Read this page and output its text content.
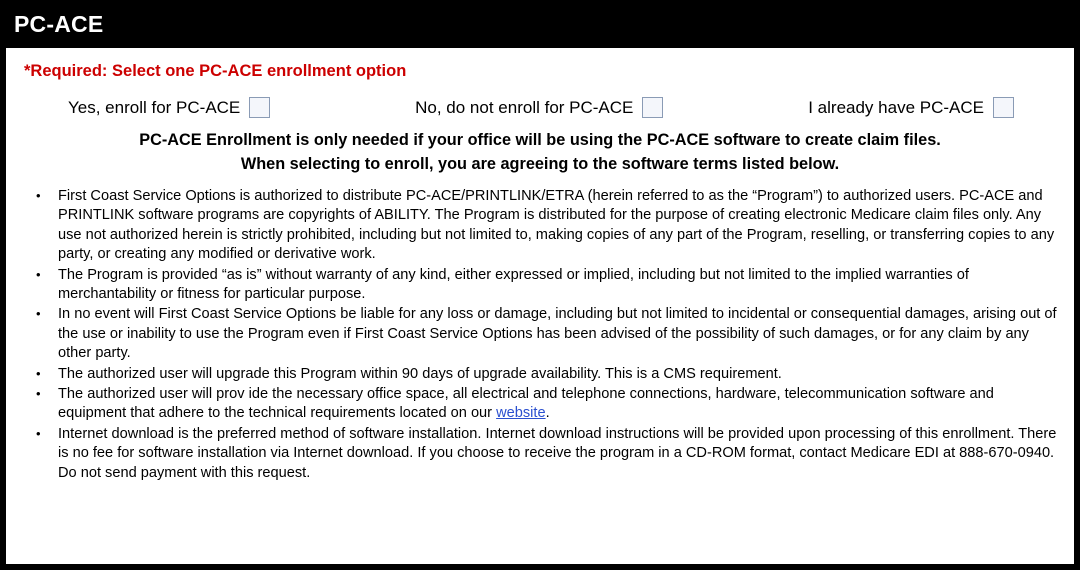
PC-ACE
*Required: Select one PC-ACE enrollment option
Yes, enroll for PC-ACE	No, do not enroll for PC-ACE	I already have PC-ACE
PC-ACE Enrollment is only needed if your office will be using the PC-ACE software to create claim files.
When selecting to enroll, you are agreeing to the software terms listed below.
• First Coast Service Options is authorized to distribute PC-ACE/PRINTLINK/ETRA (herein referred to as the “Program”) to authorized users. PC-ACE and PRINTLINK software programs are copyrights of ABILITY. The Program is distributed for the purpose of creating electronic Medicare claim files only. Any use not authorized herein is strictly prohibited, including but not limited to, making copies of any part of the Program, reselling, or transferring copies to any party, or creating any modified or derivative work.
• The Program is provided “as is” without warranty of any kind, either expressed or implied, including but not limited to the implied warranties of merchantability or fitness for particular purpose.
• In no event will First Coast Service Options be liable for any loss or damage, including but not limited to incidental or consequential damages, arising out of the use or inability to use the Program even if First Coast Service Options has been advised of the possibility of such damages, or for any claim by any other party.
• The authorized user will upgrade this Program within 90 days of upgrade availability. This is a CMS requirement.
• The authorized user will prov ide the necessary office space, all electrical and telephone connections, hardware, telecommunication software and equipment that adhere to the technical requirements located on our website.
• Internet download is the preferred method of software installation. Internet download instructions will be provided upon processing of this enrollment. There is no fee for software installation via Internet download. If you choose to receive the program in a CD-ROM format, contact Medicare EDI at 888-670-0940. Do not send payment with this request.
